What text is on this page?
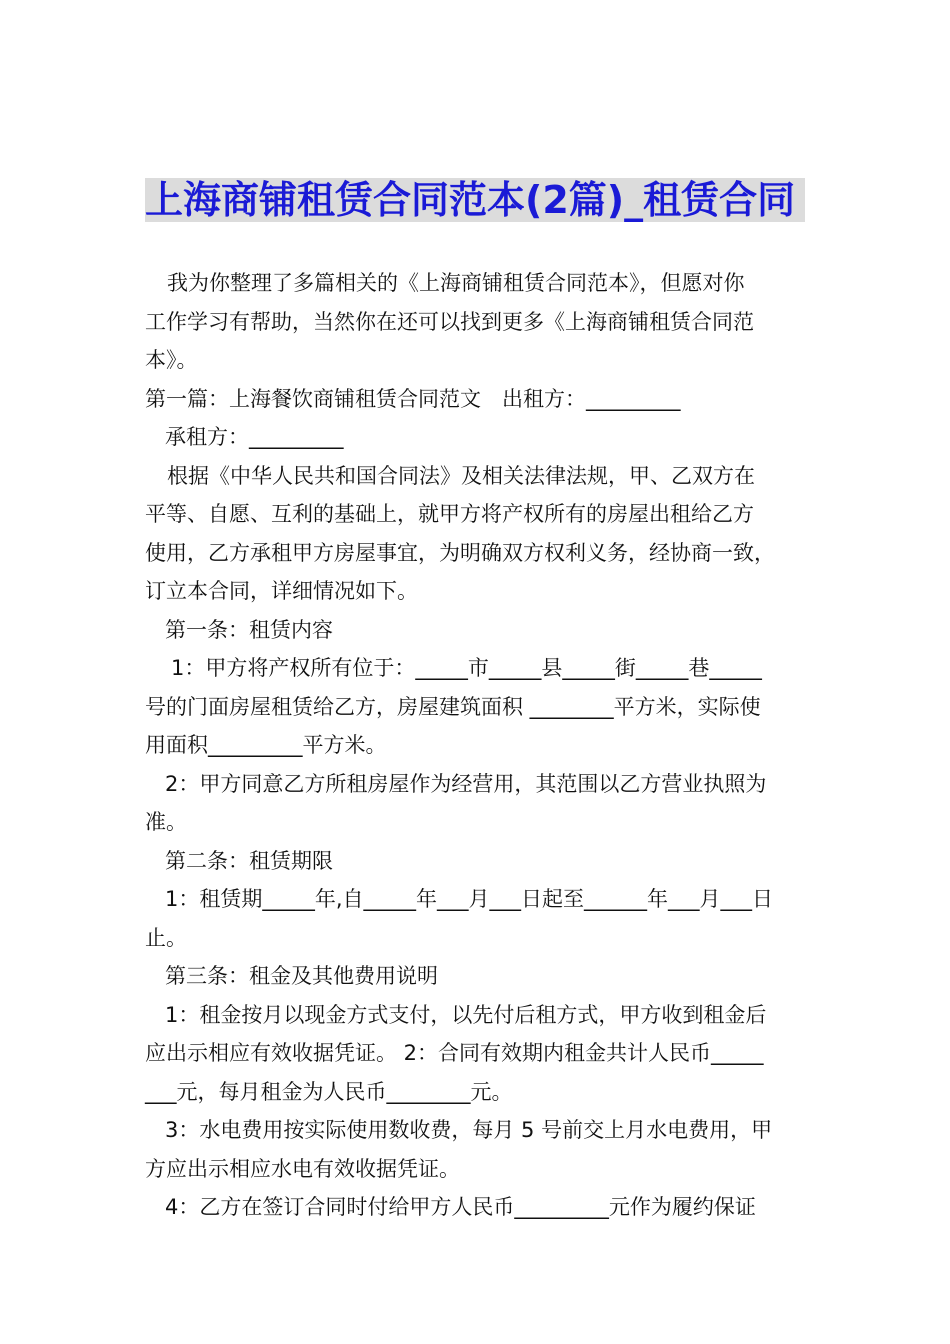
上海商铺租赁合同范本(2篇)_租赁合同
我为你整理了多篇相关的《上海商铺租赁合同范本》，但愿对你
工作学习有帮助，当然你在还可以找到更多《上海商铺租赁合同范
本》。
第一篇：上海餐饮商铺租赁合同范文　出租方：_________
承租方：_________
根据《中华人民共和国合同法》及相关法律法规，甲、乙双方在
平等、自愿、互利的基础上，就甲方将产权所有的房屋出租给乙方
使用，乙方承租甲方房屋事宜，为明确双方权利义务，经协商一致，
订立本合同，详细情况如下。
第一条：租赁内容
1：甲方将产权所有位于：_____市_____县_____街_____巷_____
号的门面房屋租赁给乙方，房屋建筑面积 ________平方米，实际使
用面积_________平方米。
2：甲方同意乙方所租房屋作为经营用，其范围以乙方营业执照为
准。
第二条：租赁期限
1：租赁期_____年,自_____年___月___日起至______年___月___日
止。
第三条：租金及其他费用说明
1：租金按月以现金方式支付，以先付后租方式，甲方收到租金后
应出示相应有效收据凭证。 2：合同有效期内租金共计人民币_____
___元，每月租金为人民币________元。
3：水电费用按实际使用数收费，每月 5 号前交上月水电费用，甲
方应出示相应水电有效收据凭证。
4：乙方在签订合同时付给甲方人民币_________元作为履约保证
